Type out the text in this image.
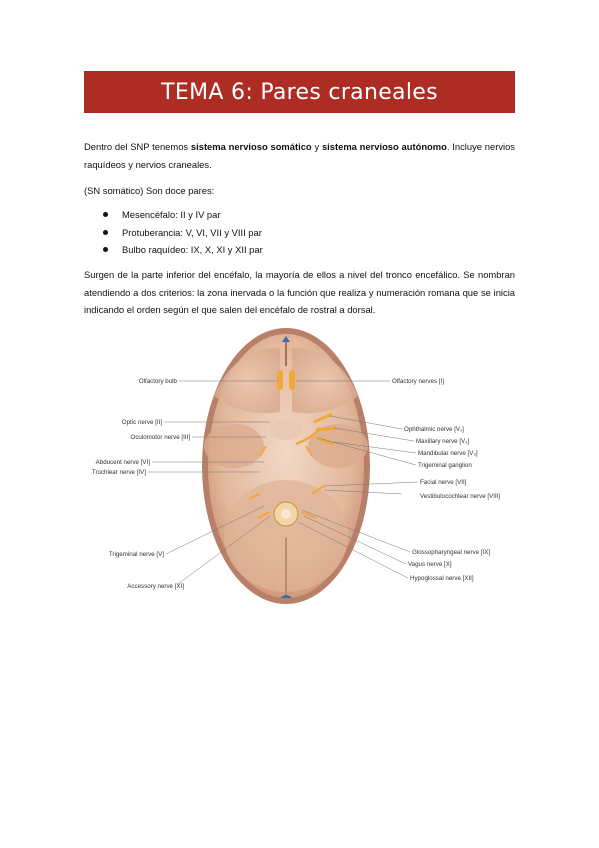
TEMA 6: Pares craneales

Dentro del SNP tenemos sistema nervioso somático y sistema nervioso autónomo. Incluye nervios raquídeos y nervios craneales.

(SN somático) Son doce pares:

Mesencéfalo: II y IV par
Protuberancia: V, VI, VII y VIII par
Bulbo raquídeo: IX, X, XI y XII par

Surgen de la parte inferior del encéfalo, la mayoría de ellos a nivel del tronco encefálico. Se nombran atendiendo a dos criterios: la zona inervada o la función que realiza y numeración romana que se inicia indicando el orden según el que salen del encéfalo de rostral a dorsal.

Olfactory bulb
Optic nerve [II]
Oculomotor nerve [III]
Abducent nerve [VI]
Trochlear nerve [IV]
Trigeminal nerve [V]
Accessory nerve [XI]
Olfactory nerves [I]
Ophthalmic nerve [V₁]
Maxillary nerve [V₂]
Mandibular nerve [V₃]
Trigeminal ganglion
Facial nerve [VII]
Vestibulocochlear nerve [VIII]
Glossopharyngeal nerve [IX]
Vagus nerve [X]
Hypoglossal nerve [XII]
